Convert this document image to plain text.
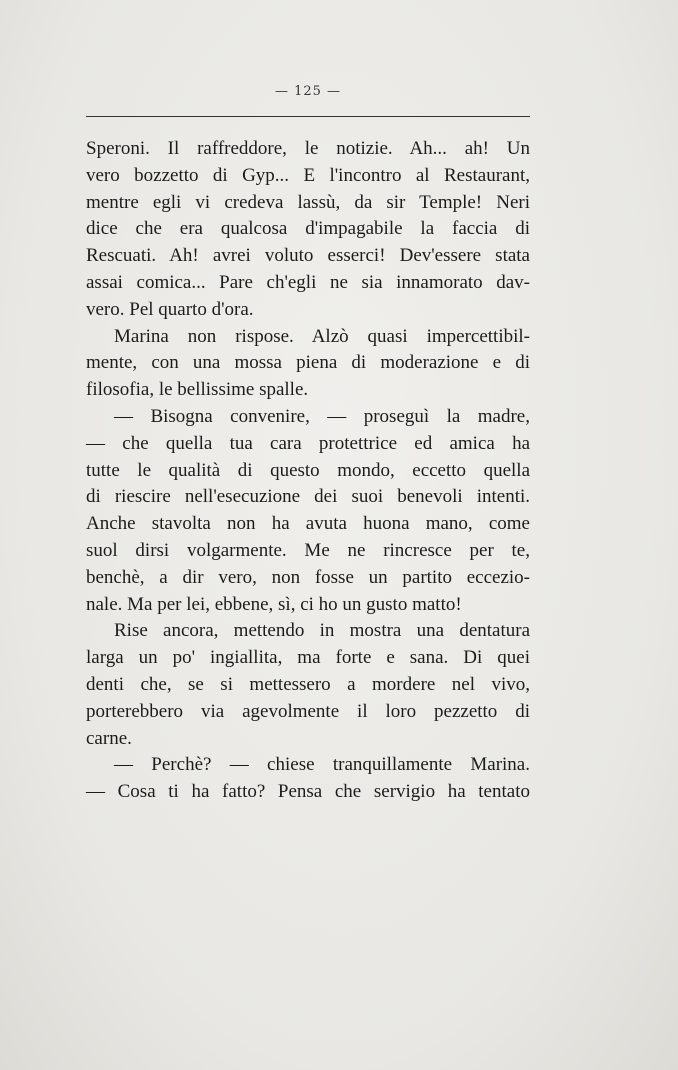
— 125 —
Speroni. Il raffreddore, le notizie. Ah... ah! Un
vero bozzetto di Gyp... E l'incontro al Restaurant,
mentre egli vi credeva lassù, da sir Temple! Neri
dice che era qualcosa d'impagabile la faccia di
Rescuati. Ah! avrei voluto esserci! Dev'essere stata
assai comica... Pare ch'egli ne sia innamorato dav-
vero. Pel quarto d'ora.
Marina non rispose. Alzò quasi impercettibil-
mente, con una mossa piena di moderazione e di
filosofia, le bellissime spalle.
— Bisogna convenire, — proseguì la madre,
— che quella tua cara protettrice ed amica ha
tutte le qualità di questo mondo, eccetto quella
di riescire nell'esecuzione dei suoi benevoli intenti.
Anche stavolta non ha avuta huona mano, come
suol dirsi volgarmente. Me ne rincresce per te,
benchè, a dir vero, non fosse un partito eccezio-
nale. Ma per lei, ebbene, sì, ci ho un gusto matto!
Rise ancora, mettendo in mostra una dentatura
larga un po' ingiallita, ma forte e sana. Di quei
denti che, se si mettessero a mordere nel vivo,
porterebbero via agevolmente il loro pezzetto di
carne.
— Perchè? — chiese tranquillamente Marina.
— Cosa ti ha fatto? Pensa che servigio ha tentato
